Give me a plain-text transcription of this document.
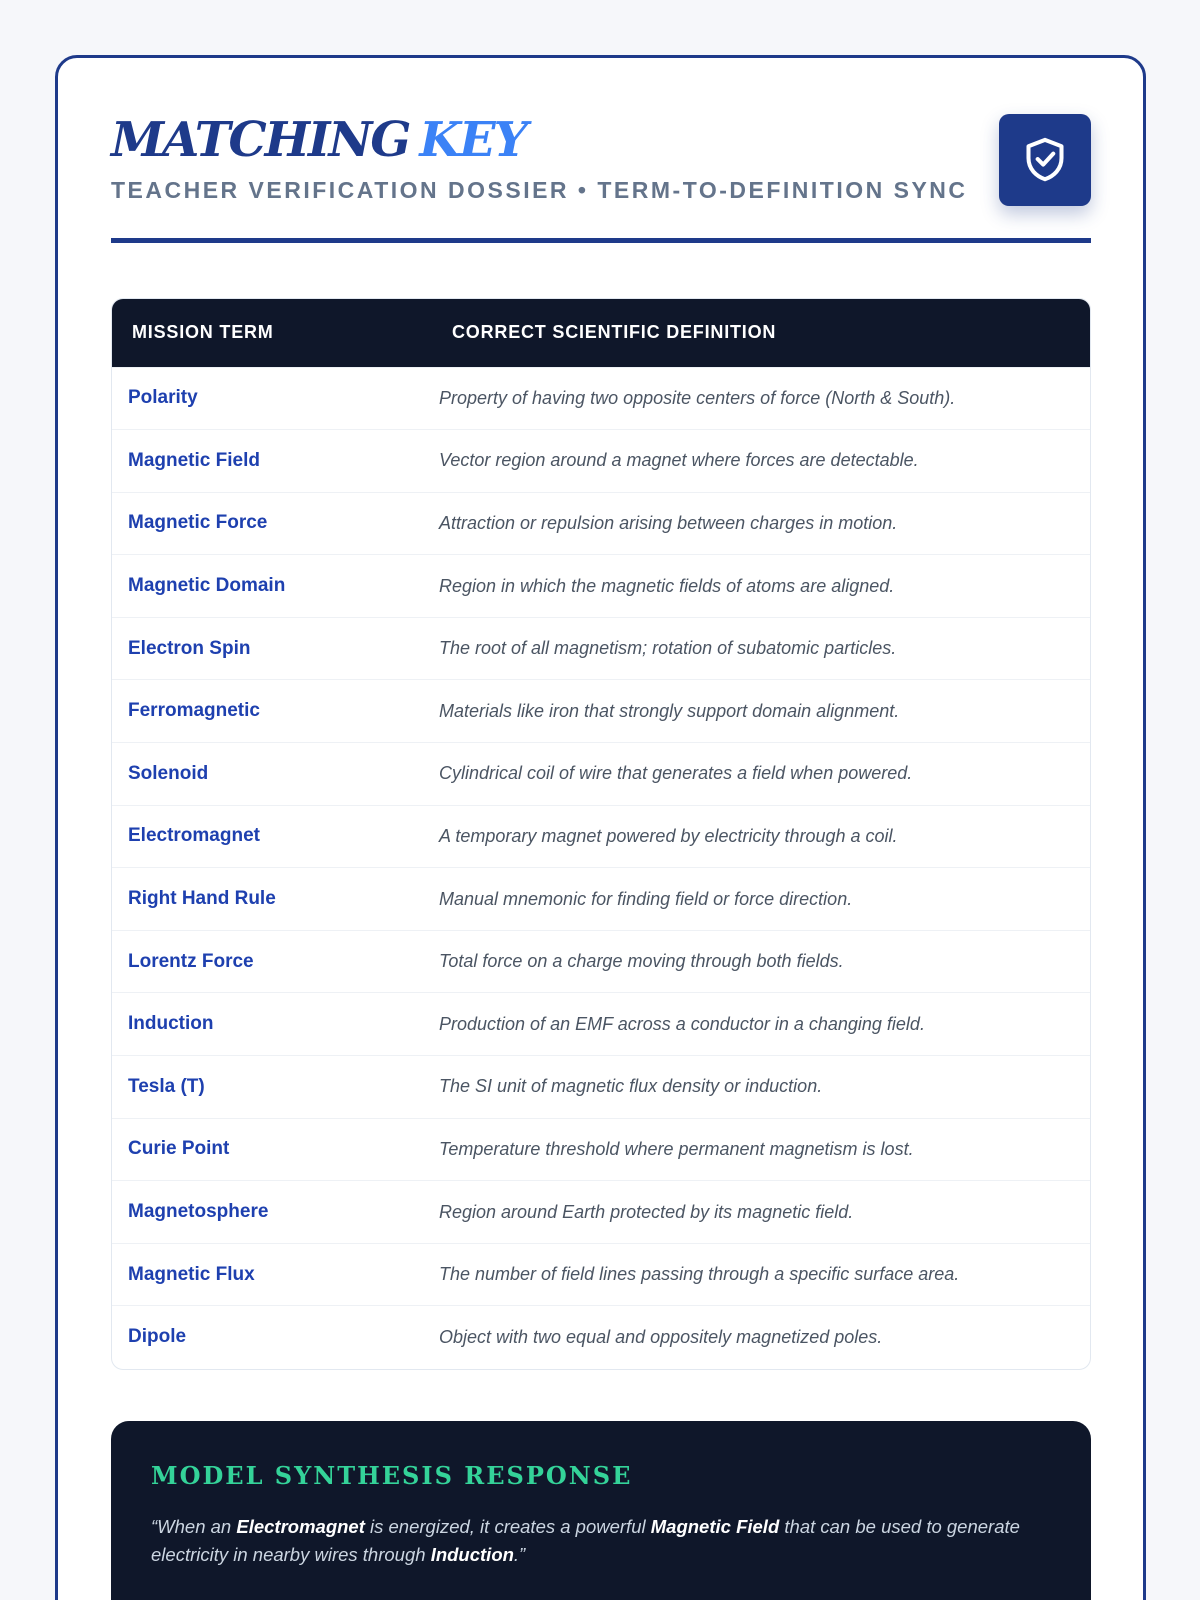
MATCHING KEY
TEACHER VERIFICATION DOSSIER • TERM-TO-DEFINITION SYNC
MISSION TERM	CORRECT SCIENTIFIC DEFINITION
Polarity	Property of having two opposite centers of force (North & South).
Magnetic Field	Vector region around a magnet where forces are detectable.
Magnetic Force	Attraction or repulsion arising between charges in motion.
Magnetic Domain	Region in which the magnetic fields of atoms are aligned.
Electron Spin	The root of all magnetism; rotation of subatomic particles.
Ferromagnetic	Materials like iron that strongly support domain alignment.
Solenoid	Cylindrical coil of wire that generates a field when powered.
Electromagnet	A temporary magnet powered by electricity through a coil.
Right Hand Rule	Manual mnemonic for finding field or force direction.
Lorentz Force	Total force on a charge moving through both fields.
Induction	Production of an EMF across a conductor in a changing field.
Tesla (T)	The SI unit of magnetic flux density or induction.
Curie Point	Temperature threshold where permanent magnetism is lost.
Magnetosphere	Region around Earth protected by its magnetic field.
Magnetic Flux	The number of field lines passing through a specific surface area.
Dipole	Object with two equal and oppositely magnetized poles.
MODEL SYNTHESIS RESPONSE
“When an Electromagnet is energized, it creates a powerful Magnetic Field that can be used to generate electricity in nearby wires through Induction.”
